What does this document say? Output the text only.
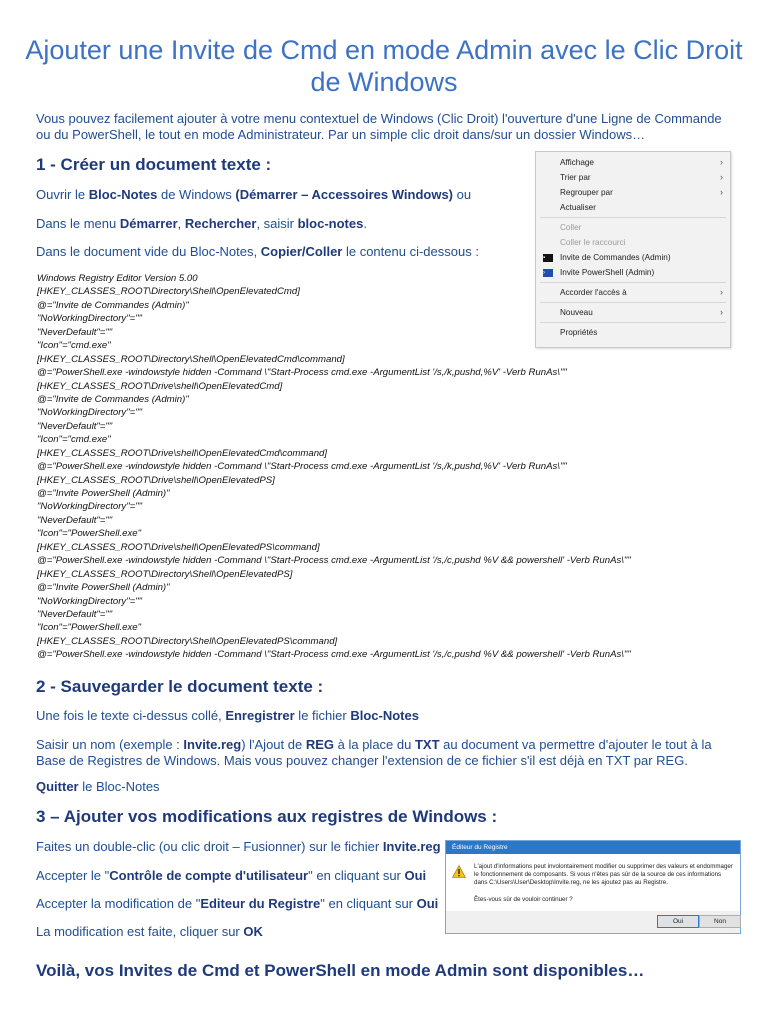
Ajouter une Invite de Cmd en mode Admin avec le Clic Droit de Windows

Vous pouvez facilement ajouter à votre menu contextuel de Windows (Clic Droit) l'ouverture d'une Ligne de Commande ou du PowerShell, le tout en mode Administrateur. Par un simple clic droit dans/sur un dossier Windows…

1 - Créer un document texte :

Ouvrir le Bloc-Notes de Windows (Démarrer – Accessoires Windows) ou

Dans le menu Démarrer, Rechercher, saisir bloc-notes.

Dans le document vide du Bloc-Notes, Copier/Coller le contenu ci-dessous :

Windows Registry Editor Version 5.00
[HKEY_CLASSES_ROOT\Directory\Shell\OpenElevatedCmd]
@="Invite de Commandes (Admin)"
"NoWorkingDirectory"=""
"NeverDefault"=""
"Icon"="cmd.exe"
[HKEY_CLASSES_ROOT\Directory\Shell\OpenElevatedCmd\command]
@="PowerShell.exe -windowstyle hidden -Command \"Start-Process cmd.exe -ArgumentList '/s,/k,pushd,%V' -Verb RunAs\""
[HKEY_CLASSES_ROOT\Drive\shell\OpenElevatedCmd]
@="Invite de Commandes (Admin)"
"NoWorkingDirectory"=""
"NeverDefault"=""
"Icon"="cmd.exe"
[HKEY_CLASSES_ROOT\Drive\shell\OpenElevatedCmd\command]
@="PowerShell.exe -windowstyle hidden -Command \"Start-Process cmd.exe -ArgumentList '/s,/k,pushd,%V' -Verb RunAs\""
[HKEY_CLASSES_ROOT\Drive\shell\OpenElevatedPS]
@="Invite PowerShell (Admin)"
"NoWorkingDirectory"=""
"NeverDefault"=""
"Icon"="PowerShell.exe"
[HKEY_CLASSES_ROOT\Drive\shell\OpenElevatedPS\command]
@="PowerShell.exe -windowstyle hidden -Command \"Start-Process cmd.exe -ArgumentList '/s,/c,pushd %V && powershell' -Verb RunAs\""
[HKEY_CLASSES_ROOT\Directory\Shell\OpenElevatedPS]
@="Invite PowerShell (Admin)"
"NoWorkingDirectory"=""
"NeverDefault"=""
"Icon"="PowerShell.exe"
[HKEY_CLASSES_ROOT\Directory\Shell\OpenElevatedPS\command]
@="PowerShell.exe -windowstyle hidden -Command \"Start-Process cmd.exe -ArgumentList '/s,/c,pushd %V && powershell' -Verb RunAs\""
Affichage	›
Trier par	›
Regrouper par	›
Actualiser
Coller
Coller le raccourci
Invite de Commandes (Admin)
▪
Invite PowerShell (Admin)
›
Accorder l'accès à	›
Nouveau	›
Propriétés
2 - Sauvegarder le document texte :

Une fois le texte ci-dessus collé, Enregistrer le fichier Bloc-Notes

Saisir un nom (exemple : Invite.reg) l'Ajout de REG à la place du TXT au document va permettre d'ajouter le tout à la Base de Registres de Windows. Mais vous pouvez changer l'extension de ce fichier s'il est déjà en TXT par REG.

Quitter le Bloc-Notes

3 – Ajouter vos modifications aux registres de Windows :

Faites un double-clic (ou clic droit – Fusionner) sur le fichier Invite.reg

Accepter le "Contrôle de compte d'utilisateur" en cliquant sur Oui

Accepter la modification de "Editeur du Registre" en cliquant sur Oui

La modification est faite, cliquer sur OK

Éditeur du Registre
L'ajout d'informations peut involontairement modifier ou supprimer des valeurs et endommager le fonctionnement de composants. Si vous n'êtes pas sûr de la source de ces informations dans C:\Users\User\Desktop\Invite.reg, ne les ajoutez pas au Registre.
Êtes-vous sûr de vouloir continuer ?
Oui	Non
Voilà, vos Invites de Cmd et PowerShell en mode Admin sont disponibles…
